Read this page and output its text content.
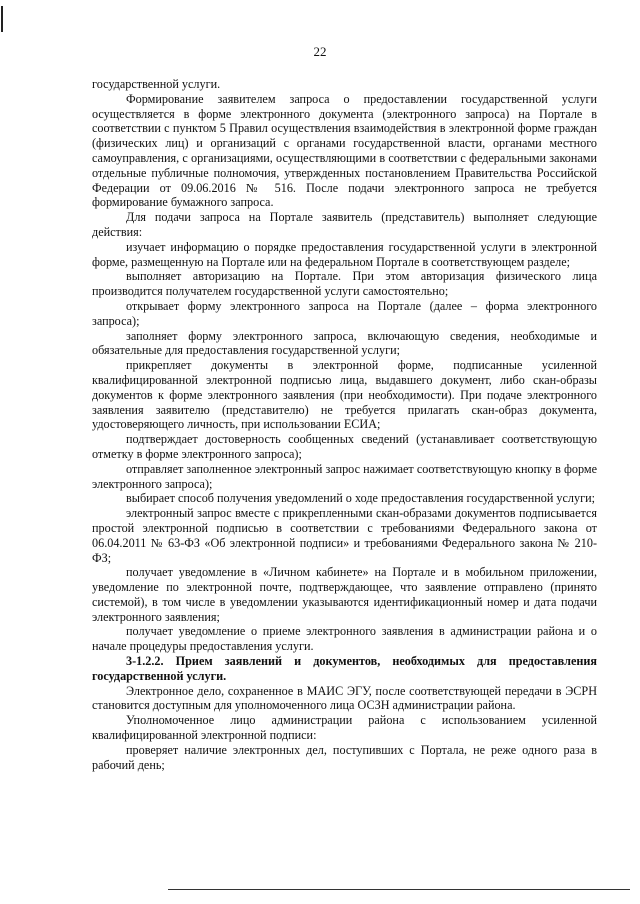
22

государственной услуги.

Формирование заявителем запроса о предоставлении государственной услуги осуществляется в форме электронного документа (электронного запроса) на Портале в соответствии с пунктом 5 Правил осуществления взаимодействия в электронной форме граждан (физических лиц) и организаций с органами государственной власти, органами местного самоуправления, с организациями, осуществляющими в соответствии с федеральными законами отдельные публичные полномочия, утвержденных постановлением Правительства Российской Федерации от 09.06.2016 № 516. После подачи электронного запроса не требуется формирование бумажного запроса.

Для подачи запроса на Портале заявитель (представитель) выполняет следующие действия:

изучает информацию о порядке предоставления государственной услуги в электронной форме, размещенную на Портале или на федеральном Портале в соответствующем разделе;

выполняет авторизацию на Портале. При этом авторизация физического лица производится получателем государственной услуги самостоятельно;

открывает форму электронного запроса на Портале (далее – форма электронного запроса);

заполняет форму электронного запроса, включающую сведения, необходимые и обязательные для предоставления государственной услуги;

прикрепляет документы в электронной форме, подписанные усиленной квалифицированной электронной подписью лица, выдавшего документ, либо скан-образы документов к форме электронного заявления (при необходимости). При подаче электронного заявления заявителю (представителю) не требуется прилагать скан-образ документа, удостоверяющего личность, при использовании ЕСИА;

подтверждает достоверность сообщенных сведений (устанавливает соответствующую отметку в форме электронного запроса);

отправляет заполненное электронный запрос нажимает соответствующую кнопку в форме электронного запроса);

выбирает способ получения уведомлений о ходе предоставления государственной услуги;

электронный запрос вместе с прикрепленными скан-образами документов подписывается простой электронной подписью в соответствии с требованиями Федерального закона от 06.04.2011 № 63-ФЗ «Об электронной подписи» и требованиями Федерального закона № 210-ФЗ;

получает уведомление в «Личном кабинете» на Портале и в мобильном приложении, уведомление по электронной почте, подтверждающее, что заявление отправлено (принято системой), в том числе в уведомлении указываются идентификационный номер и дата подачи электронного заявления;

получает уведомление о приеме электронного заявления в администрации района и о начале процедуры предоставления услуги.

3-1.2.2. Прием заявлений и документов, необходимых для предоставления государственной услуги.

Электронное дело, сохраненное в МАИС ЭГУ, после соответствующей передачи в ЭСРН становится доступным для уполномоченного лица ОСЗН администрации района.

Уполномоченное лицо администрации района с использованием усиленной квалифицированной электронной подписи:

проверяет наличие электронных дел, поступивших с Портала, не реже одного раза в рабочий день;
